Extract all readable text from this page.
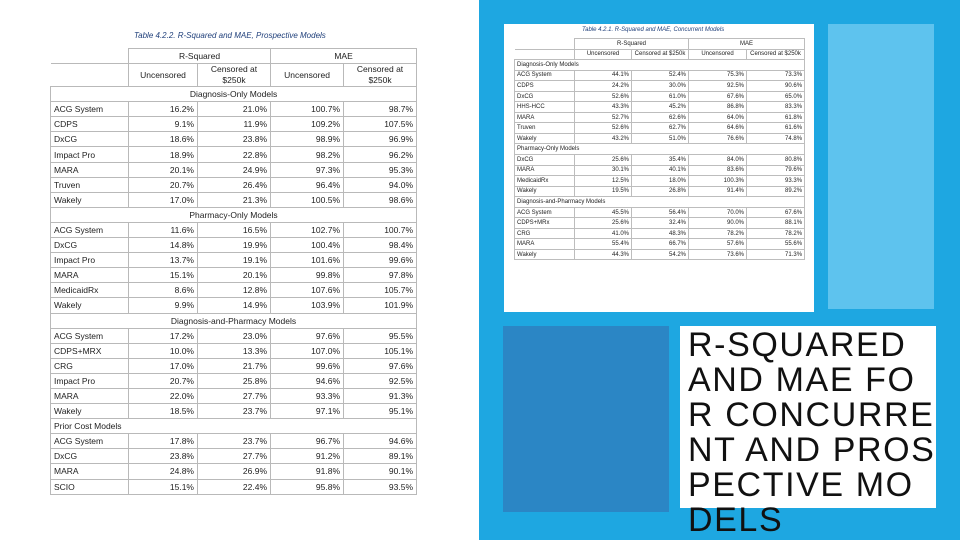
Table 4.2.2. R-Squared and MAE, Prospective Models
	R-Squared		MAE	
	Uncensored	Censored at $250k	Uncensored	Censored at $250k
Diagnosis-Only Models				
ACG System	16.2%	21.0%	100.7%	98.7%
CDPS	9.1%	11.9%	109.2%	107.5%
DxCG	18.6%	23.8%	98.9%	96.9%
Impact Pro	18.9%	22.8%	98.2%	96.2%
MARA	20.1%	24.9%	97.3%	95.3%
Truven	20.7%	26.4%	96.4%	94.0%
Wakely	17.0%	21.3%	100.5%	98.6%
Pharmacy-Only Models				
ACG System	11.6%	16.5%	102.7%	100.7%
DxCG	14.8%	19.9%	100.4%	98.4%
Impact Pro	13.7%	19.1%	101.6%	99.6%
MARA	15.1%	20.1%	99.8%	97.8%
MedicaidRx	8.6%	12.8%	107.6%	105.7%
Wakely	9.9%	14.9%	103.9%	101.9%
Diagnosis-and-Pharmacy Models				
ACG System	17.2%	23.0%	97.6%	95.5%
CDPS+MRX	10.0%	13.3%	107.0%	105.1%
CRG	17.0%	21.7%	99.6%	97.6%
Impact Pro	20.7%	25.8%	94.6%	92.5%
MARA	22.0%	27.7%	93.3%	91.3%
Wakely	18.5%	23.7%	97.1%	95.1%
Prior Cost Models				
ACG System	17.8%	23.7%	96.7%	94.6%
DxCG	23.8%	27.7%	91.2%	89.1%
MARA	24.8%	26.9%	91.8%	90.1%
SCIO	15.1%	22.4%	95.8%	93.5%
Table 4.2.1. R-Squared and MAE, Concurrent Models
	R-Squared		MAE	
	Uncensored	Censored at $250k	Uncensored	Censored at $250k
Diagnosis-Only Models				
ACG System	44.1%	52.4%	75.3%	73.3%
CDPS	24.2%	30.0%	92.5%	90.6%
DxCG	52.6%	61.0%	67.6%	65.0%
HHS-HCC	43.3%	45.2%	86.8%	83.3%
MARA	52.7%	62.6%	64.0%	61.8%
Truven	52.6%	62.7%	64.6%	61.6%
Wakely	43.2%	51.0%	76.6%	74.8%
Pharmacy-Only Models				
DxCG	25.6%	35.4%	84.0%	80.8%
MARA	30.1%	40.1%	83.6%	79.6%
MedicaidRx	12.5%	18.0%	100.3%	93.3%
Wakely	19.5%	26.8%	91.4%	89.2%
Diagnosis-and-Pharmacy Models				
ACG System	45.5%	56.4%	70.0%	67.6%
CDPS+MRx	25.6%	32.4%	90.0%	88.1%
CRG	41.0%	48.3%	78.2%	78.2%
MARA	55.4%	66.7%	57.6%	55.6%
Wakely	44.3%	54.2%	73.6%	71.3%
R-SQUARED AND MAE FOR CONCURRENT AND PROSPECTIVE MODELS
